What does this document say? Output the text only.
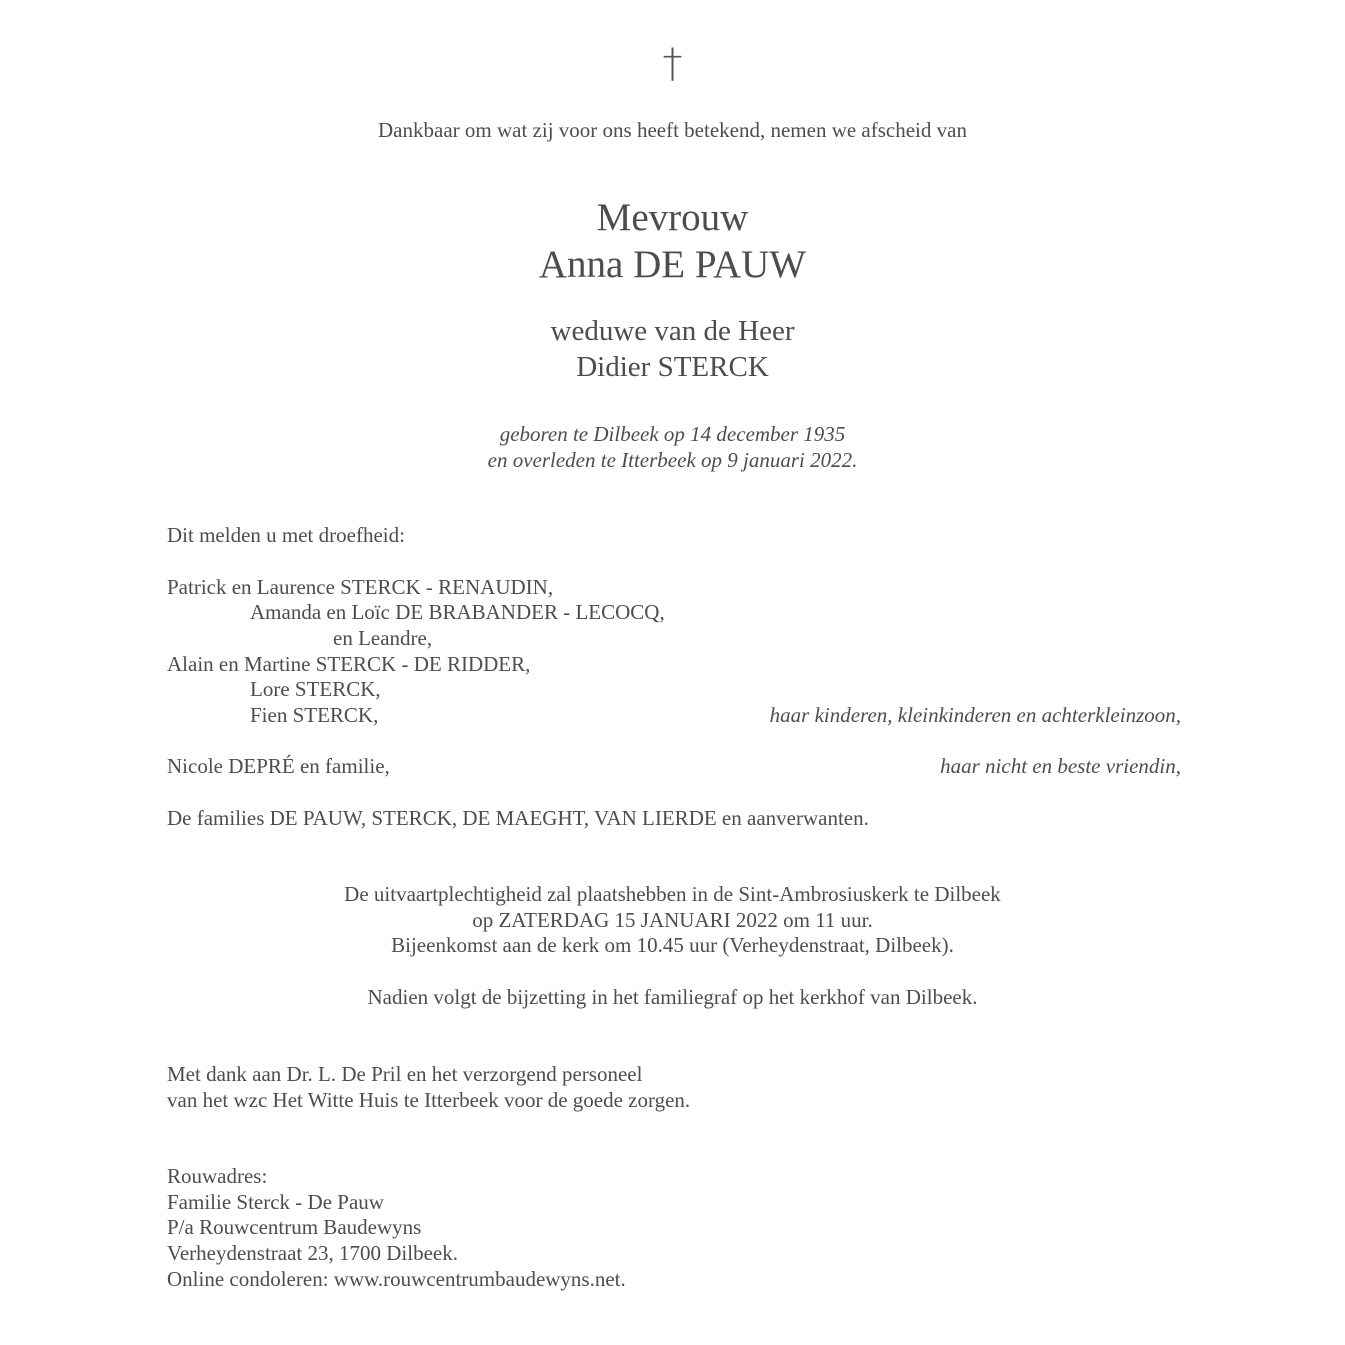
†
Dankbaar om wat zij voor ons heeft betekend, nemen we afscheid van
Mevrouw
Anna DE PAUW
weduwe van de Heer
Didier STERCK
geboren te Dilbeek op 14 december 1935
en overleden te Itterbeek op 9 januari 2022.
Dit melden u met droefheid:
Patrick en Laurence STERCK - RENAUDIN,
Amanda en Loïc DE BRABANDER - LECOCQ,
en Leandre,
Alain en Martine STERCK - DE RIDDER,
Lore STERCK,
Fien STERCK,	haar kinderen, kleinkinderen en achterkleinzoon,
Nicole DEPRÉ en familie,	haar nicht en beste vriendin,
De families DE PAUW, STERCK, DE MAEGHT, VAN LIERDE en aanverwanten.
De uitvaartplechtigheid zal plaatshebben in de Sint-Ambrosiuskerk te Dilbeek
op ZATERDAG 15 JANUARI 2022 om 11 uur.
Bijeenkomst aan de kerk om 10.45 uur (Verheydenstraat, Dilbeek).
Nadien volgt de bijzetting in het familiegraf op het kerkhof van Dilbeek.
Met dank aan Dr. L. De Pril en het verzorgend personeel
van het wzc Het Witte Huis te Itterbeek voor de goede zorgen.
Rouwadres:
Familie Sterck - De Pauw
P/a Rouwcentrum Baudewyns
Verheydenstraat 23, 1700 Dilbeek.
Online condoleren: www.rouwcentrumbaudewyns.net.
